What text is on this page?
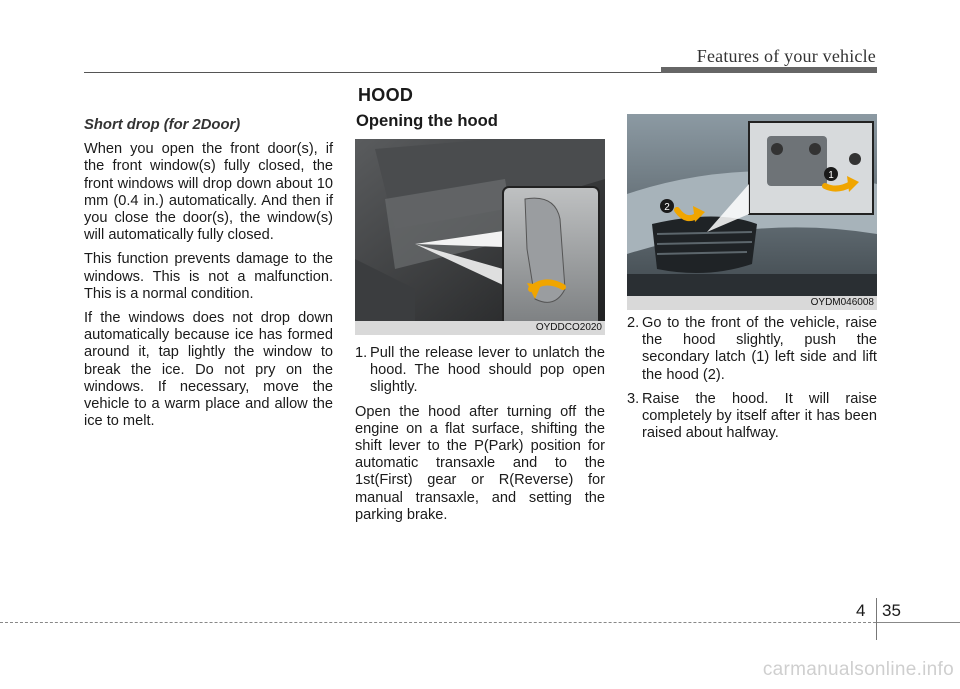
Features of your vehicle
HOOD
Short drop (for 2Door)

When you open the front door(s), if the front window(s) fully closed, the front windows will drop down about 10 mm (0.4 in.) automatically. And then if you close the door(s), the window(s) will automatically fully closed.

This function prevents damage to the windows. This is not a malfunction. This is a normal condition.

If the windows does not drop down automatically because ice has formed around it, tap lightly the window to break the ice. Do not pry on the windows. If necessary, move the vehicle to a warm place and allow the ice to melt.

Opening the hood
OYDDCO2020
1. Pull the release lever to unlatch the hood. The hood should pop open slightly.

Open the hood after turning off the engine on a flat surface, shifting the shift lever to the P(Park) position for automatic transaxle and to the 1st(First) gear or R(Reverse) for manual transaxle, and setting the parking brake.

1
2
OYDM046008
2. Go to the front of the vehicle, raise the hood slightly, push the secondary latch (1) left side and lift the hood (2).
3. Raise the hood. It will raise completely by itself after it has been raised about halfway.
4 35
carmanualsonline.info
